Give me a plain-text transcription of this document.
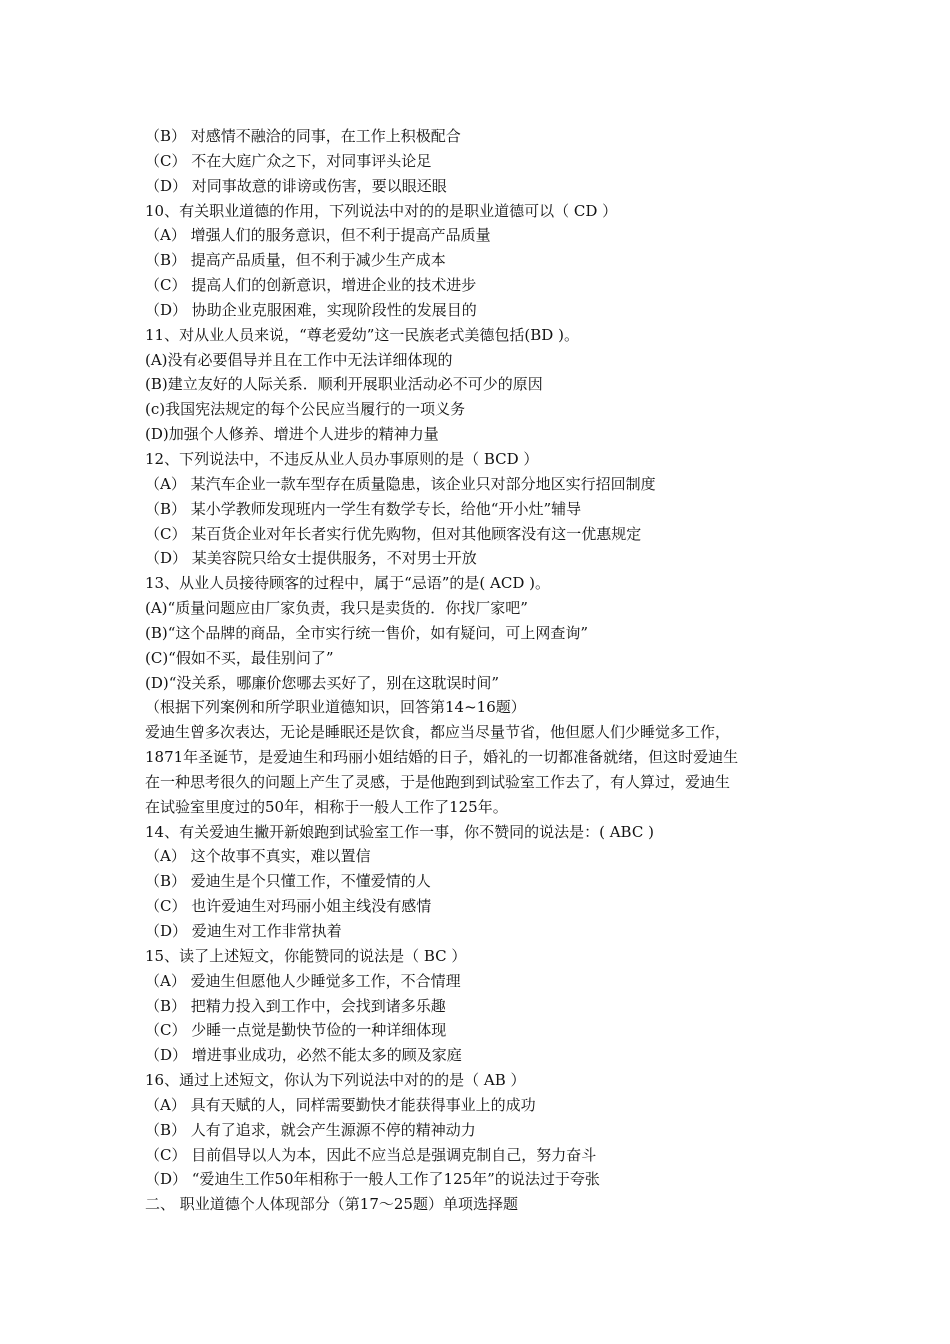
（B） 对感情不融洽的同事，在工作上积极配合
（C） 不在大庭广众之下，对同事评头论足
（D） 对同事故意的诽谤或伤害，要以眼还眼
10、有关职业道德的作用，下列说法中对的的是职业道德可以（ CD ）
（A） 增强人们的服务意识，但不利于提高产品质量
（B） 提高产品质量，但不利于减少生产成本
（C） 提高人们的创新意识，增进企业的技术进步
（D） 协助企业克服困难，实现阶段性的发展目的
11、对从业人员来说，“尊老爱幼”这一民族老式美德包括(BD )。
(A)没有必要倡导并且在工作中无法详细体现的
(B)建立友好的人际关系．顺利开展职业活动必不可少的原因
(c)我国宪法规定的每个公民应当履行的一项义务
(D)加强个人修养、增进个人进步的精神力量
12、下列说法中，不违反从业人员办事原则的是（ BCD ）
（A） 某汽车企业一款车型存在质量隐患，该企业只对部分地区实行招回制度
（B） 某小学教师发现班内一学生有数学专长，给他“开小灶”辅导
（C） 某百货企业对年长者实行优先购物，但对其他顾客没有这一优惠规定
（D） 某美容院只给女士提供服务，不对男士开放
13、从业人员接待顾客的过程中，属于“忌语”的是( ACD )。
(A)“质量问题应由厂家负责，我只是卖货的．你找厂家吧”
(B)“这个品牌的商品，全市实行统一售价，如有疑问，可上网查询”
(C)“假如不买，最佳别问了”
(D)“没关系，哪廉价您哪去买好了，别在这耽误时间”
（根据下列案例和所学职业道德知识，回答第14~16题）
爱迪生曾多次表达，无论是睡眠还是饮食，都应当尽量节省，他但愿人们少睡觉多工作，
1871年圣诞节，是爱迪生和玛丽小姐结婚的日子，婚礼的一切都准备就绪，但这时爱迪生
在一种思考很久的问题上产生了灵感，于是他跑到到试验室工作去了，有人算过，爱迪生
在试验室里度过的50年，相称于一般人工作了125年。
14、有关爱迪生撇开新娘跑到试验室工作一事，你不赞同的说法是：( ABC )
（A） 这个故事不真实，难以置信
（B） 爱迪生是个只懂工作，不懂爱情的人
（C） 也许爱迪生对玛丽小姐主线没有感情
（D） 爱迪生对工作非常执着
15、读了上述短文，你能赞同的说法是（ BC ）
（A） 爱迪生但愿他人少睡觉多工作，不合情理
（B） 把精力投入到工作中，会找到诸多乐趣
（C） 少睡一点觉是勤快节俭的一种详细体现
（D） 增进事业成功，必然不能太多的顾及家庭
16、通过上述短文，你认为下列说法中对的的是（ AB ）
（A） 具有天赋的人，同样需要勤快才能获得事业上的成功
（B） 人有了追求，就会产生源源不停的精神动力
（C） 目前倡导以人为本，因此不应当总是强调克制自己，努力奋斗
（D） “爱迪生工作50年相称于一般人工作了125年”的说法过于夸张
二、 职业道德个人体现部分（第17～25题）单项选择题
